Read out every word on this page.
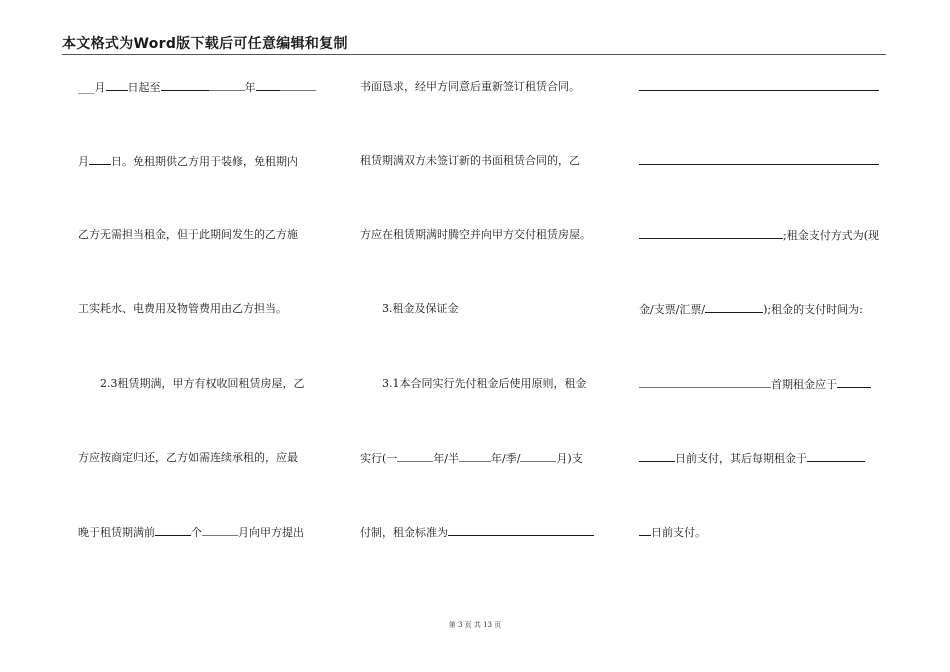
本文格式为Word版下载后可任意编辑和复制
___月 日起至	年
月 日。免租期供乙方用于装修，免租期内
乙方无需担当租金，但于此期间发生的乙方施
工实耗水、电费用及物管费用由乙方担当。
2.3租赁期满，甲方有权收回租赁房屋，乙
方应按商定归还，乙方如需连续承租的，应最
晚于租赁期满前	个	月向甲方提出
书面恳求，经甲方同意后重新签订租赁合同。
租赁期满双方未签订新的书面租赁合同的，乙
方应在租赁期满时腾空并向甲方交付租赁房屋。
3.租金及保证金
3.1本合同实行先付租金后使用原则，租金
实行(一	年/半	年/季/	月)支
付制，租金标准为
;租金支付方式为(现
金/支票/汇票/	);租金的支付时间为:
首期租金应于
日前支付，其后每期租金于
日前支付。
第 3 页 共 13 页
